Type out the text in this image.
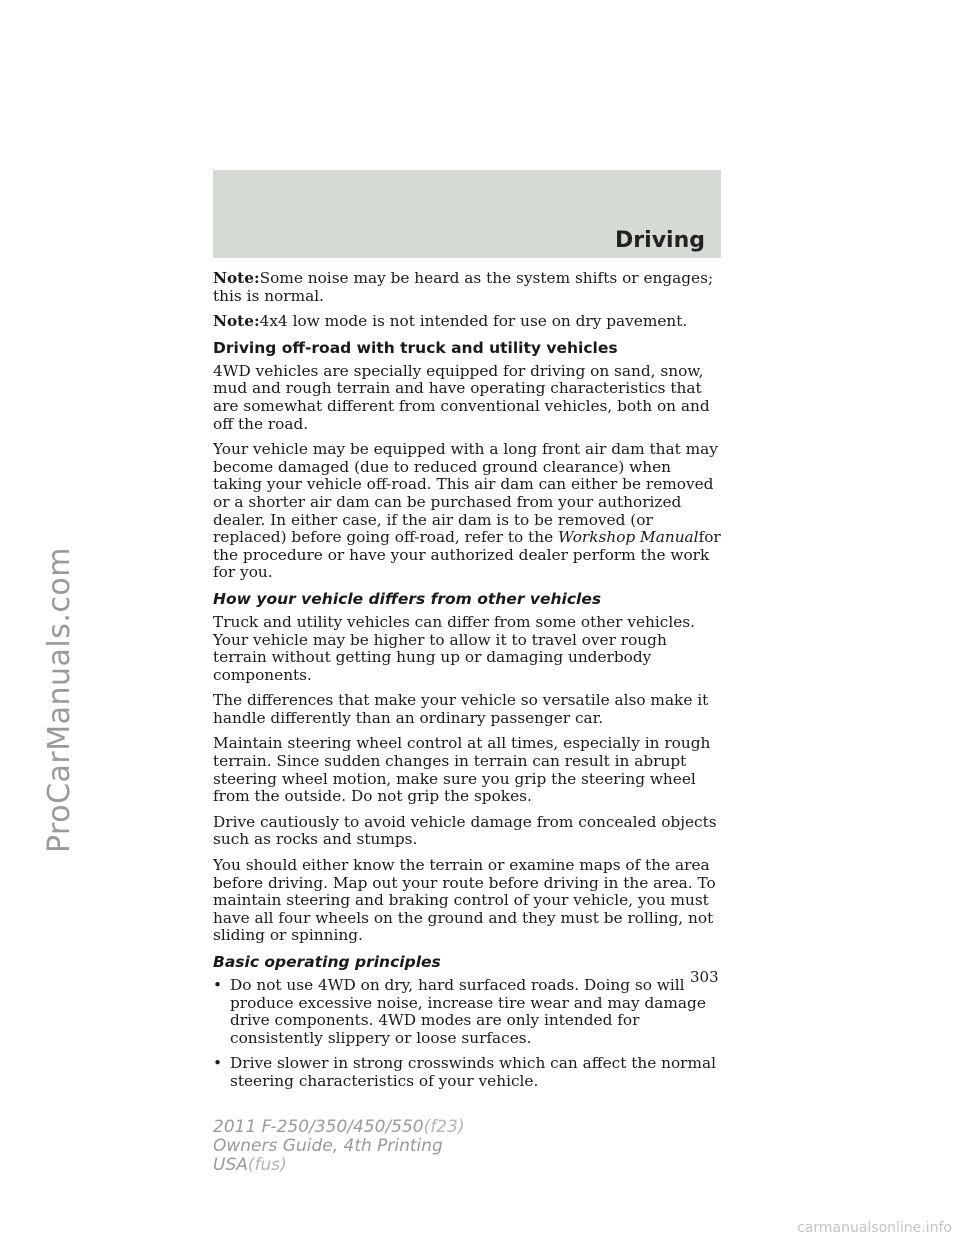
ProCarManuals.com
Driving

Note:Some noise may be heard as the system shifts or engages; this is normal.

Note:4x4 low mode is not intended for use on dry pavement.

Driving off-road with truck and utility vehicles

4WD vehicles are specially equipped for driving on sand, snow, mud and rough terrain and have operating characteristics that are somewhat different from conventional vehicles, both on and off the road.

Your vehicle may be equipped with a long front air dam that may become damaged (due to reduced ground clearance) when taking your vehicle off-road. This air dam can either be removed or a shorter air dam can be purchased from your authorized dealer. In either case, if the air dam is to be removed (or replaced) before going off-road, refer to the Workshop Manualfor the procedure or have your authorized dealer perform the work for you.

How your vehicle differs from other vehicles

Truck and utility vehicles can differ from some other vehicles. Your vehicle may be higher to allow it to travel over rough terrain without getting hung up or damaging underbody components.

The differences that make your vehicle so versatile also make it handle differently than an ordinary passenger car.

Maintain steering wheel control at all times, especially in rough terrain. Since sudden changes in terrain can result in abrupt steering wheel motion, make sure you grip the steering wheel from the outside. Do not grip the spokes.

Drive cautiously to avoid vehicle damage from concealed objects such as rocks and stumps.

You should either know the terrain or examine maps of the area before driving. Map out your route before driving in the area. To maintain steering and braking control of your vehicle, you must have all four wheels on the ground and they must be rolling, not sliding or spinning.

Basic operating principles
• Do not use 4WD on dry, hard surfaced roads. Doing so will produce excessive noise, increase tire wear and may damage drive components. 4WD modes are only intended for consistently slippery or loose surfaces.
• Drive slower in strong crosswinds which can affect the normal steering characteristics of your vehicle.
303
2011 F-250/350/450/550(f23)
Owners Guide, 4th Printing
USA(fus)
carmanualsonline.info
